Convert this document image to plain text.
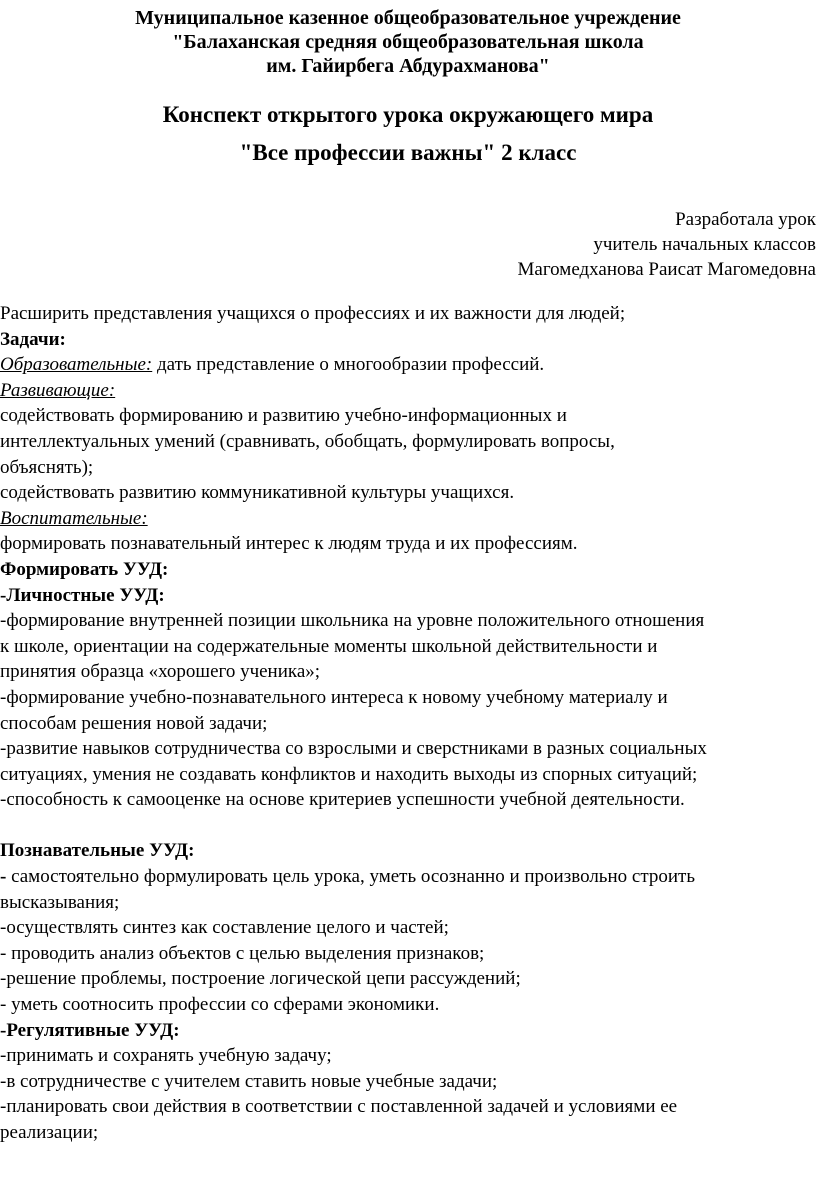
Муниципальное казенное общеобразовательное учреждение
"Балаханская средняя общеобразовательная школа
им. Гайирбега Абдурахманова"
Конспект открытого урока окружающего мира
"Все профессии важны" 2 класс
Разработала урок
учитель начальных классов
Магомедханова Раисат Магомедовна
Расширить представления учащихся о профессиях и их важности для людей;
Задачи:
Образовательные: дать представление о многообразии профессий.
Развивающие:
содействовать формированию и развитию учебно-информационных и
интеллектуальных умений (сравнивать, обобщать, формулировать вопросы,
объяснять);
содействовать развитию коммуникативной культуры учащихся.
Воспитательные:
формировать познавательный интерес к людям труда и их профессиям.
Формировать УУД:
-Личностные УУД:
-формирование внутренней позиции школьника на уровне положительного отношения
к школе, ориентации на содержательные моменты школьной действительности и
принятия образца «хорошего ученика»;
-формирование учебно-познавательного интереса к новому учебному материалу и
способам решения новой задачи;
-развитие навыков сотрудничества со взрослыми и сверстниками в разных социальных
ситуациях, умения не создавать конфликтов и находить выходы из спорных ситуаций;
-способность к самооценке на основе критериев успешности учебной деятельности.
Познавательные УУД:
- самостоятельно формулировать цель урока, уметь осознанно и произвольно строить
высказывания;
-осуществлять синтез как составление целого и частей;
- проводить анализ объектов с целью выделения признаков;
-решение проблемы, построение логической цепи рассуждений;
- уметь соотносить профессии со сферами экономики.
-Регулятивные УУД:
-принимать и сохранять учебную задачу;
-в сотрудничестве с учителем ставить новые учебные задачи;
-планировать свои действия в соответствии с поставленной задачей и условиями ее
реализации;
